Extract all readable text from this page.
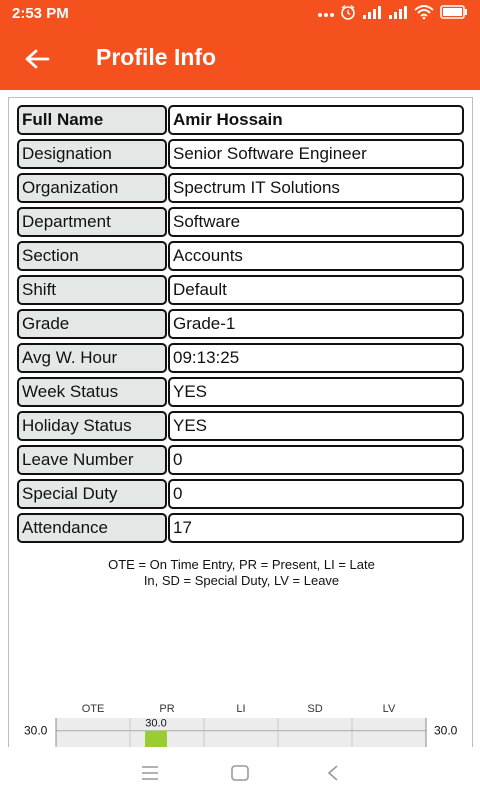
2:53 PM
Profile Info
Full Name	Amir Hossain
Designation	Senior Software Engineer
Organization	Spectrum IT Solutions
Department	Software
Section	Accounts
Shift	Default
Grade	Grade-1
Avg W. Hour	09:13:25
Week Status	YES
Holiday Status	YES
Leave Number	0
Special Duty	0
Attendance	17
OTE = On Time Entry, PR = Present, LI = Late
In, SD = Special Duty, LV = Leave
OTE	PR	LI	SD	LV
30.0	30.0
30.0
